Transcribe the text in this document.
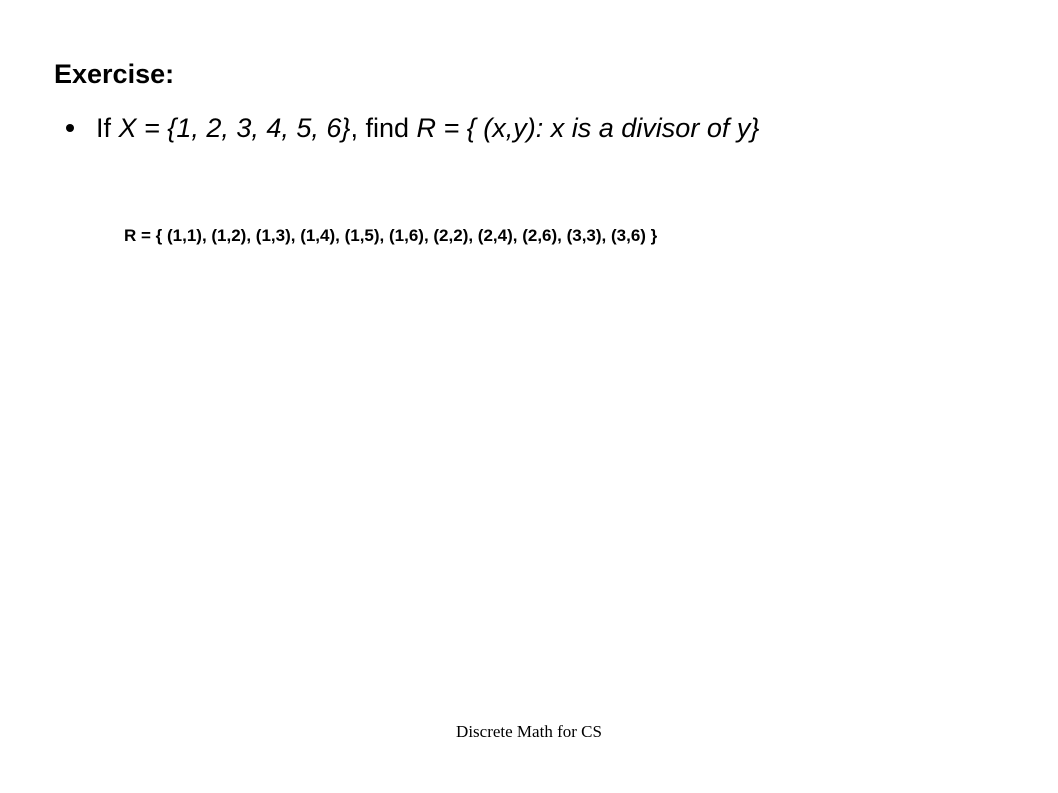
Exercise:
If X = {1, 2, 3, 4, 5, 6}, find R = { (x,y): x is a divisor of y}

R = { (1,1), (1,2), (1,3), (1,4), (1,5), (1,6), (2,2), (2,4), (2,6), (3,3), (3,6) }

Discrete Math for CS
